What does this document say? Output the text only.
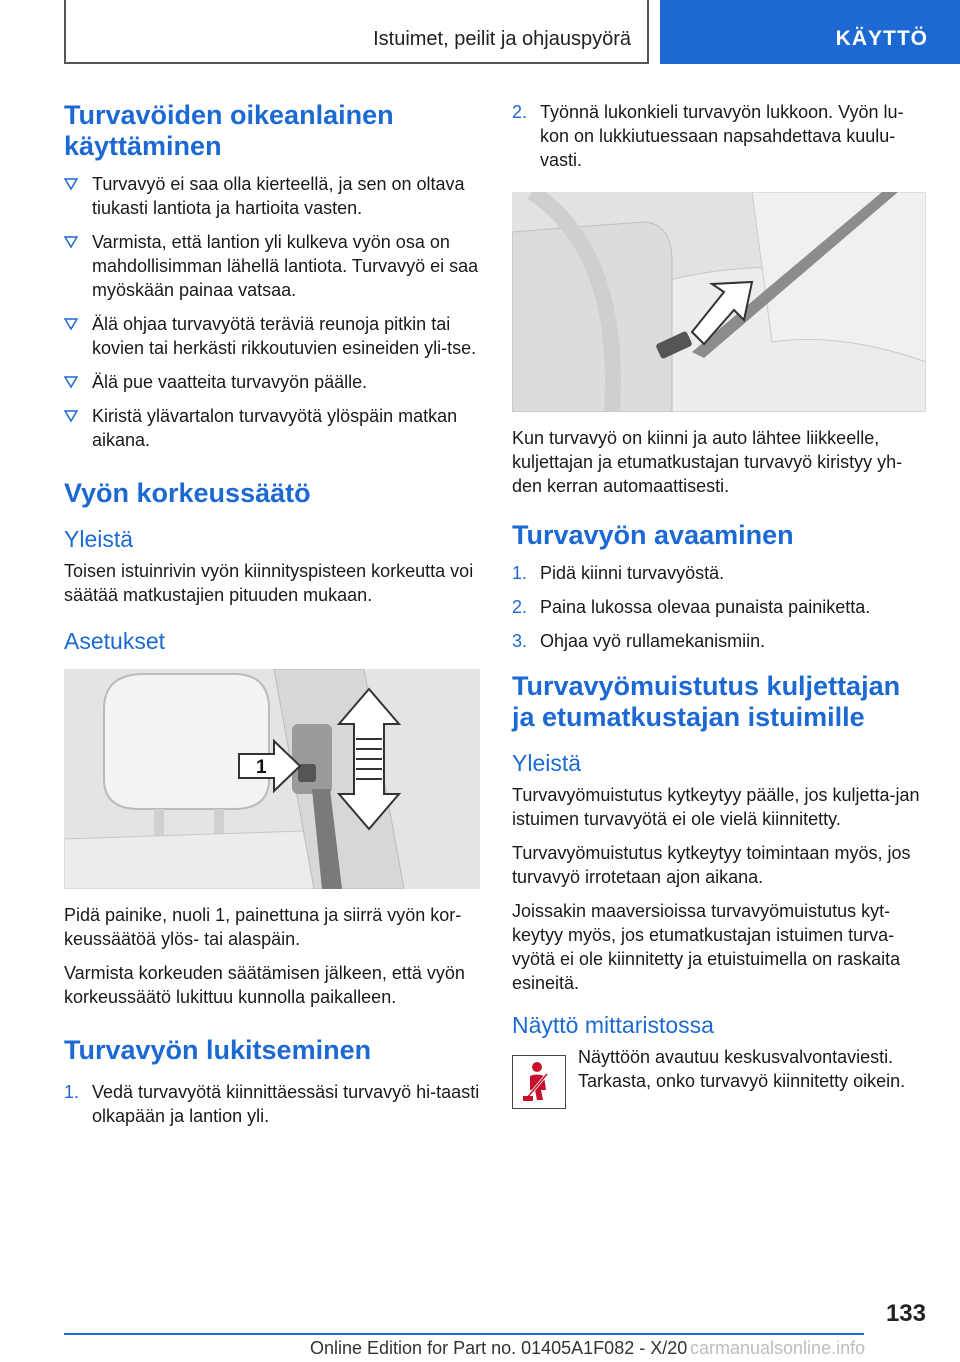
Istuimet, peilit ja ohjauspyörä	KÄYTTÖ
Turvavöiden oikeanlainen käyttäminen
Turvavyö ei saa olla kierteellä, ja sen on oltava tiukasti lantiota ja hartioita vasten.
Varmista, että lantion yli kulkeva vyön osa on mahdollisimman lähellä lantiota. Turvavyö ei saa myöskään painaa vatsaa.
Älä ohjaa turvavyötä teräviä reunoja pitkin tai kovien tai herkästi rikkoutuvien esineiden yli-tse.
Älä pue vaatteita turvavyön päälle.
Kiristä ylävartalon turvavyötä ylöspäin matkan aikana.
Vyön korkeussäätö
Yleistä

Toisen istuinrivin vyön kiinnityspisteen korkeutta voi säätää matkustajien pituuden mukaan.

Asetukset
1

Pidä painike, nuoli 1, painettuna ja siirrä vyön kor-keussäätöä ylös- tai alaspäin.

Varmista korkeuden säätämisen jälkeen, että vyön korkeussäätö lukittuu kunnolla paikalleen.

Turvavyön lukitseminen
1. Vedä turvavyötä kiinnittäessäsi turvavyö hi-taasti olkapään ja lantion yli.
2. Työnnä lukonkieli turvavyön lukkoon. Vyön lu-kon on lukkiutuessaan napsahdettava kuulu-vasti.

Kun turvavyö on kiinni ja auto lähtee liikkeelle, kuljettajan ja etumatkustajan turvavyö kiristyy yh-den kerran automaattisesti.

Turvavyön avaaminen
1. Pidä kiinni turvavyöstä.
2. Paina lukossa olevaa punaista painiketta.
3. Ohjaa vyö rullamekanismiin.
Turvavyömuistutus kuljettajan ja etumatkustajan istuimille
Yleistä

Turvavyömuistutus kytkeytyy päälle, jos kuljetta-jan istuimen turvavyötä ei ole vielä kiinnitetty.

Turvavyömuistutus kytkeytyy toimintaan myös, jos turvavyö irrotetaan ajon aikana.

Joissakin maaversioissa turvavyömuistutus kyt-keytyy myös, jos etumatkustajan istuimen turva-vyötä ei ole kiinnitetty ja etuistuimella on raskaita esineitä.

Näyttö mittaristossa
Näyttöön avautuu keskusvalvontaviesti. Tarkasta, onko turvavyö kiinnitetty oikein.
133
Online Edition for Part no. 01405A1F082 - X/20 carmanualsonline.info
